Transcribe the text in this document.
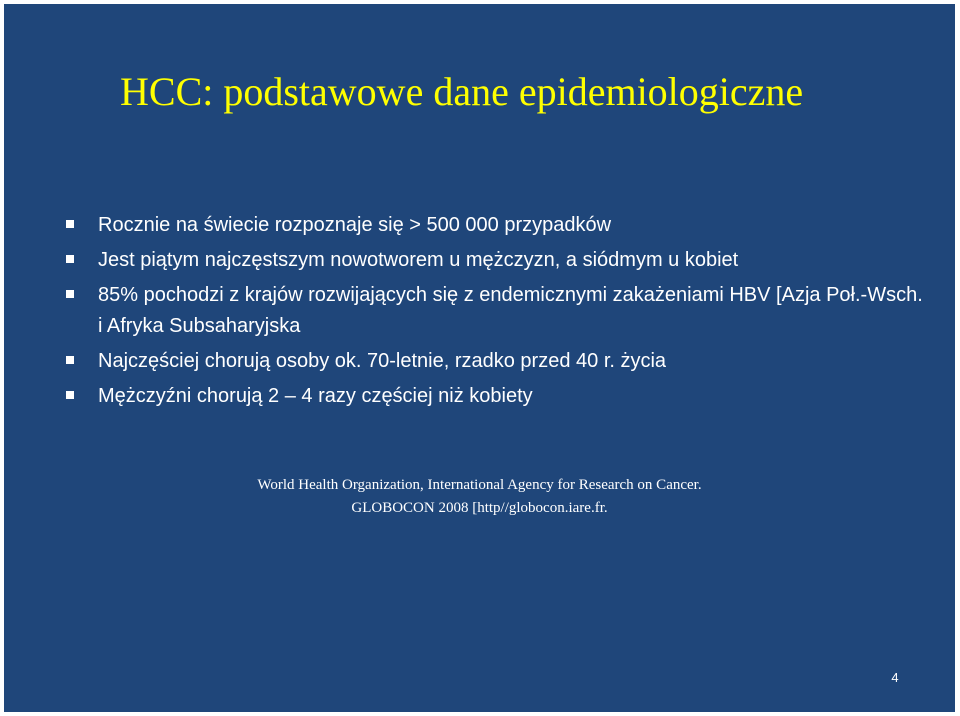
HCC: podstawowe dane epidemiologiczne
Rocznie na świecie rozpoznaje się > 500 000 przypadków
Jest piątym najczęstszym nowotworem u mężczyzn, a siódmym u kobiet
85% pochodzi z krajów rozwijających się z endemicznymi zakażeniami HBV [Azja Poł.-Wsch. i Afryka Subsaharyjska
Najczęściej chorują osoby ok. 70-letnie, rzadko przed 40 r. życia
Mężczyźni chorują 2 – 4 razy częściej niż kobiety
World Health Organization, International Agency for Research on Cancer.
GLOBOCON 2008 [http//globocon.iare.fr.
4
